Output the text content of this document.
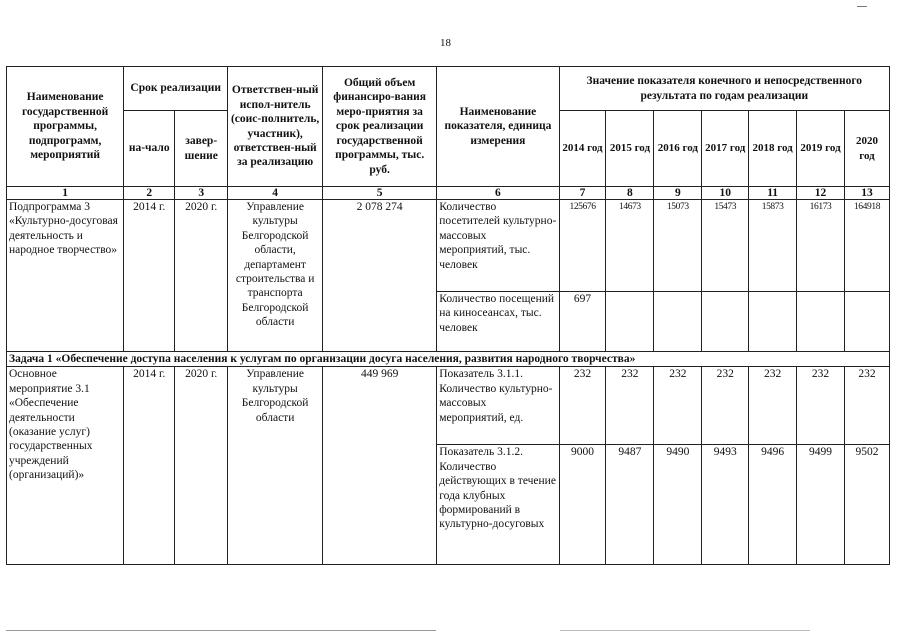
18
Наименование государственной программы, подпрограмм, мероприятий	Срок реализации		Ответствен-ный испол-нитель (соис-полнитель, участник), ответствен-ный за реализацию	Общий объем финансиро-вания меро-приятия за срок реализации государственной программы, тыс. руб.	Наименование показателя, единица измерения	Значение показателя конечного и непосредственного результата по годам реализации						
	на-чало	завер-шение				2014 год	2015 год	2016 год	2017 год	2018 год	2019 год	2020 год
1	2	3	4	5	6	7	8	9	10	11	12	13
Подпрограмма 3 «Культурно-досуговая деятельность и народное творчество»	2014 г.	2020 г.	Управление культуры Белгородской области, департамент строительства и транспорта Белгородской области	2 078 274	Количество посетителей культурно-массовых мероприятий, тыс. человек	125676	14673	15073	15473	15873	16173	164918
					Количество посещений на киносеансах, тыс. человек	697						
Задача 1 «Обеспечение доступа населения к услугам по организации досуга населения, развития народного творчества»												
Основное мероприятие 3.1 «Обеспечение деятельности (оказание услуг) государственных учреждений (организаций)»	2014 г.	2020 г.	Управление культуры Белгородской области	449 969	Показатель 3.1.1. Количество культурно-массовых мероприятий, ед.	232	232	232	232	232	232	232
					Показатель 3.1.2. Количество действующих в течение года клубных формирований в культурно-досуговых	9000	9487	9490	9493	9496	9499	9502
